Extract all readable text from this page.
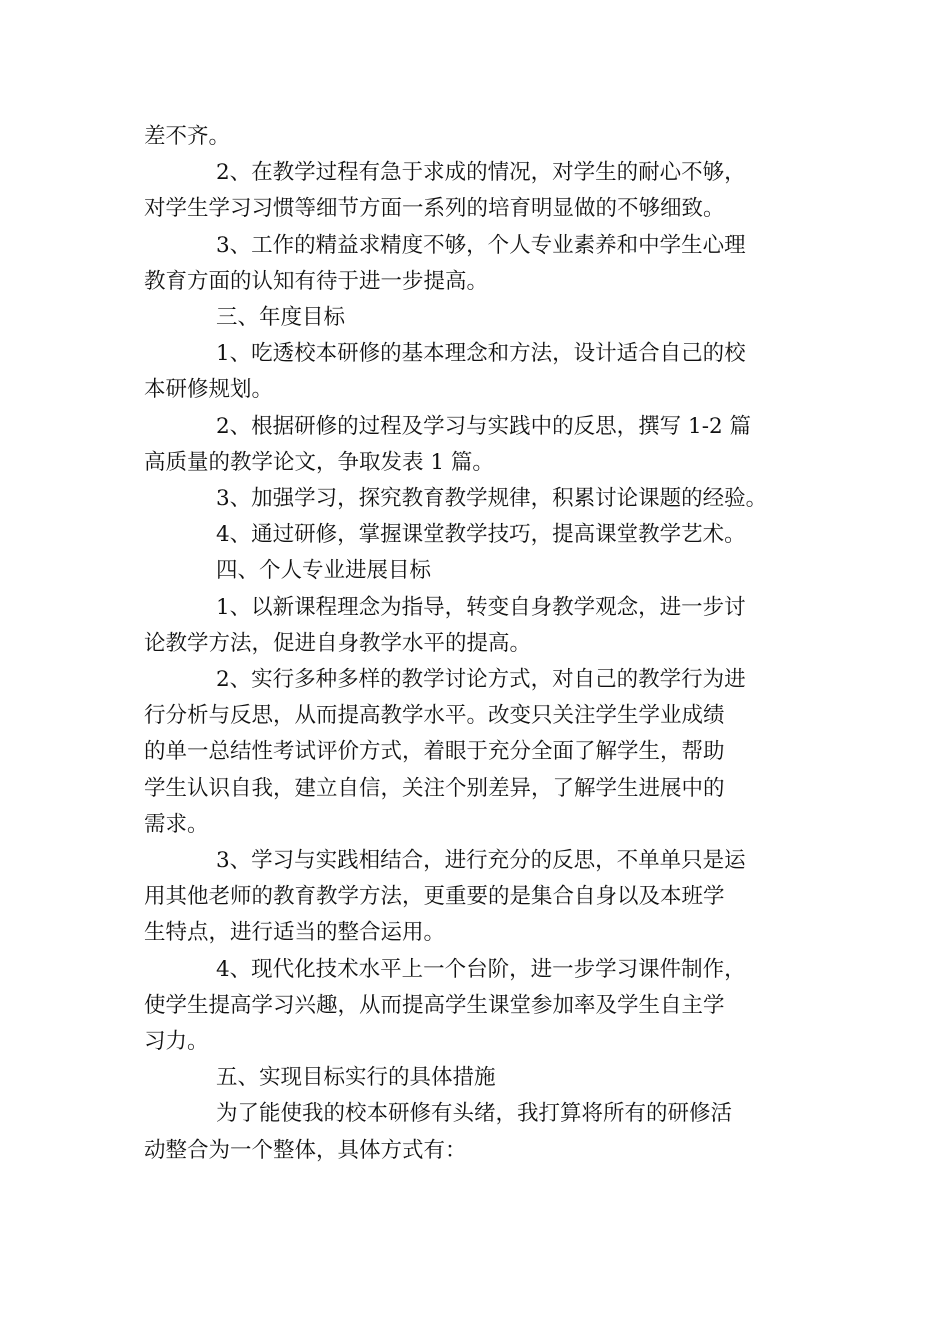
差不齐。

2、在教学过程有急于求成的情况，对学生的耐心不够，

对学生学习习惯等细节方面一系列的培育明显做的不够细致。

3、工作的精益求精度不够，个人专业素养和中学生心理

教育方面的认知有待于进一步提高。

三、年度目标

1、吃透校本研修的基本理念和方法，设计适合自己的校

本研修规划。

2、根据研修的过程及学习与实践中的反思，撰写 1-2 篇

高质量的教学论文，争取发表 1 篇。

3、加强学习，探究教育教学规律，积累讨论课题的经验。

4、通过研修，掌握课堂教学技巧，提高课堂教学艺术。

四、个人专业进展目标

1、以新课程理念为指导，转变自身教学观念，进一步讨

论教学方法，促进自身教学水平的提高。

2、实行多种多样的教学讨论方式，对自己的教学行为进

行分析与反思，从而提高教学水平。改变只关注学生学业成绩

的单一总结性考试评价方式，着眼于充分全面了解学生，帮助

学生认识自我，建立自信，关注个别差异，了解学生进展中的

需求。

3、学习与实践相结合，进行充分的反思，不单单只是运

用其他老师的教育教学方法，更重要的是集合自身以及本班学

生特点，进行适当的整合运用。

4、现代化技术水平上一个台阶，进一步学习课件制作，

使学生提高学习兴趣，从而提高学生课堂参加率及学生自主学

习力。

五、实现目标实行的具体措施

为了能使我的校本研修有头绪，我打算将所有的研修活

动整合为一个整体，具体方式有：
